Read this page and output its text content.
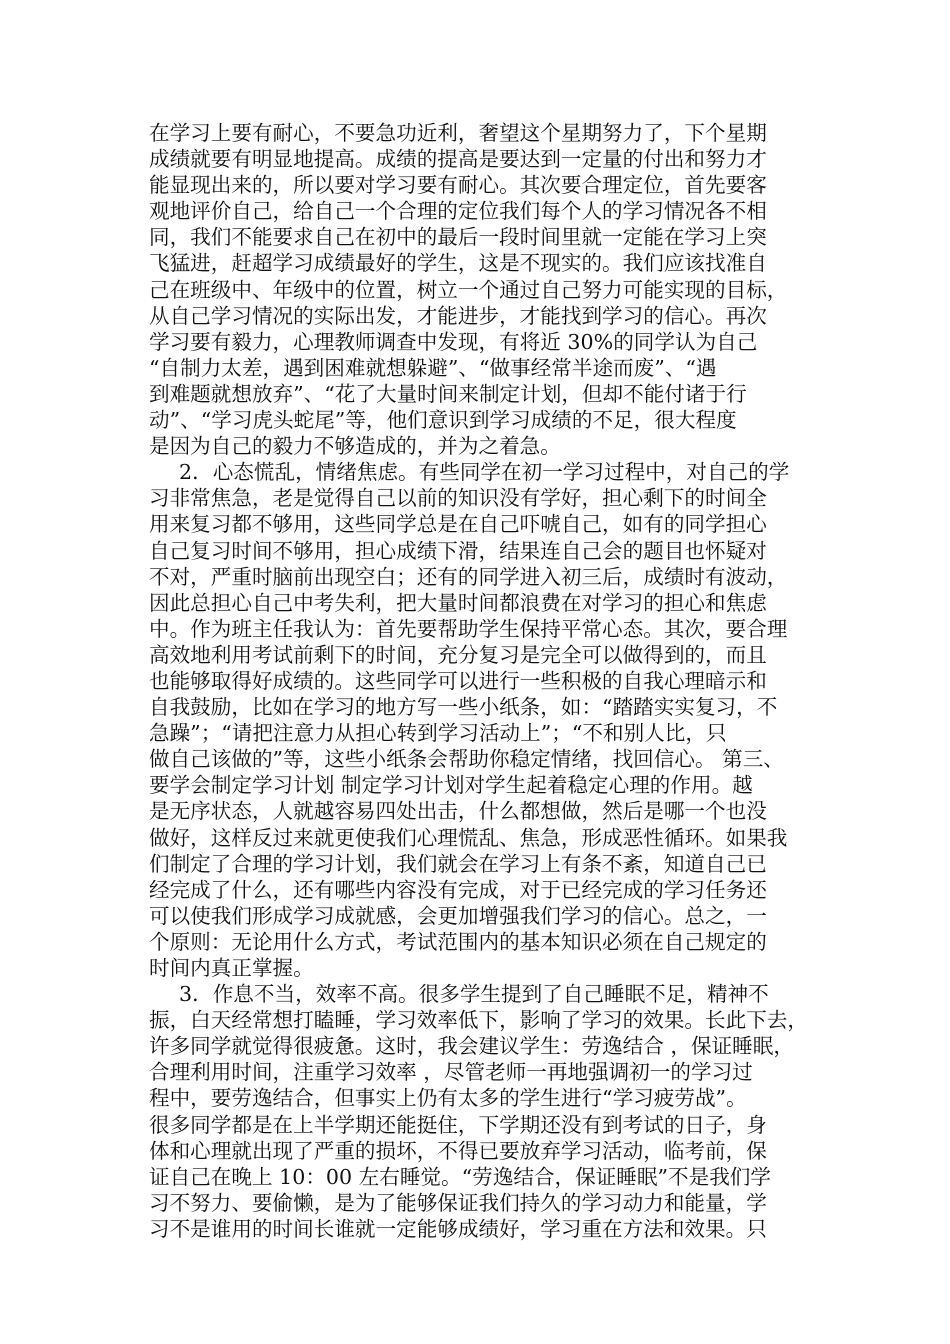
在学习上要有耐心，不要急功近利，奢望这个星期努力了，下个星期
成绩就要有明显地提高。成绩的提高是要达到一定量的付出和努力才
能显现出来的，所以要对学习要有耐心。其次要合理定位，首先要客
观地评价自己，给自己一个合理的定位我们每个人的学习情况各不相
同，我们不能要求自己在初中的最后一段时间里就一定能在学习上突
飞猛进，赶超学习成绩最好的学生，这是不现实的。我们应该找准自
己在班级中、年级中的位置，树立一个通过自己努力可能实现的目标，
从自己学习情况的实际出发，才能进步，才能找到学习的信心。再次
学习要有毅力，心理教师调查中发现，有将近 30%的同学认为自己
“自制力太差，遇到困难就想躲避”、“做事经常半途而废”、“遇
到难题就想放弃”、“花了大量时间来制定计划，但却不能付诸于行
动”、“学习虎头蛇尾”等，他们意识到学习成绩的不足，很大程度
是因为自己的毅力不够造成的，并为之着急。
2．心态慌乱，情绪焦虑。有些同学在初一学习过程中，对自己的学
习非常焦急，老是觉得自己以前的知识没有学好，担心剩下的时间全
用来复习都不够用，这些同学总是在自己吓唬自己，如有的同学担心
自己复习时间不够用，担心成绩下滑，结果连自己会的题目也怀疑对
不对，严重时脑前出现空白；还有的同学进入初三后，成绩时有波动，
因此总担心自己中考失利，把大量时间都浪费在对学习的担心和焦虑
中。作为班主任我认为：首先要帮助学生保持平常心态。其次，要合理
高效地利用考试前剩下的时间，充分复习是完全可以做得到的，而且
也能够取得好成绩的。这些同学可以进行一些积极的自我心理暗示和
自我鼓励，比如在学习的地方写一些小纸条，如：“踏踏实实复习，不
急躁”；“请把注意力从担心转到学习活动上”；“不和别人比，只
做自己该做的”等，这些小纸条会帮助你稳定情绪，找回信心。 第三、
要学会制定学习计划 制定学习计划对学生起着稳定心理的作用。越
是无序状态，人就越容易四处出击，什么都想做，然后是哪一个也没
做好，这样反过来就更使我们心理慌乱、焦急，形成恶性循环。如果我
们制定了合理的学习计划，我们就会在学习上有条不紊，知道自己已
经完成了什么，还有哪些内容没有完成，对于已经完成的学习任务还
可以使我们形成学习成就感，会更加增强我们学习的信心。总之，一
个原则：无论用什么方式，考试范围内的基本知识必须在自己规定的
时间内真正掌握。
3．作息不当，效率不高。很多学生提到了自己睡眠不足，精神不
振，白天经常想打瞌睡，学习效率低下，影响了学习的效果。长此下去，
许多同学就觉得很疲惫。这时，我会建议学生：劳逸结合 ，保证睡眠，
合理利用时间，注重学习效率 ，尽管老师一再地强调初一的学习过
程中，要劳逸结合，但事实上仍有太多的学生进行“学习疲劳战”。
很多同学都是在上半学期还能挺住，下学期还没有到考试的日子，身
体和心理就出现了严重的损坏，不得已要放弃学习活动，临考前，保
证自己在晚上 10：00 左右睡觉。“劳逸结合，保证睡眠”不是我们学
习不努力、要偷懒，是为了能够保证我们持久的学习动力和能量，学
习不是谁用的时间长谁就一定能够成绩好，学习重在方法和效果。只
